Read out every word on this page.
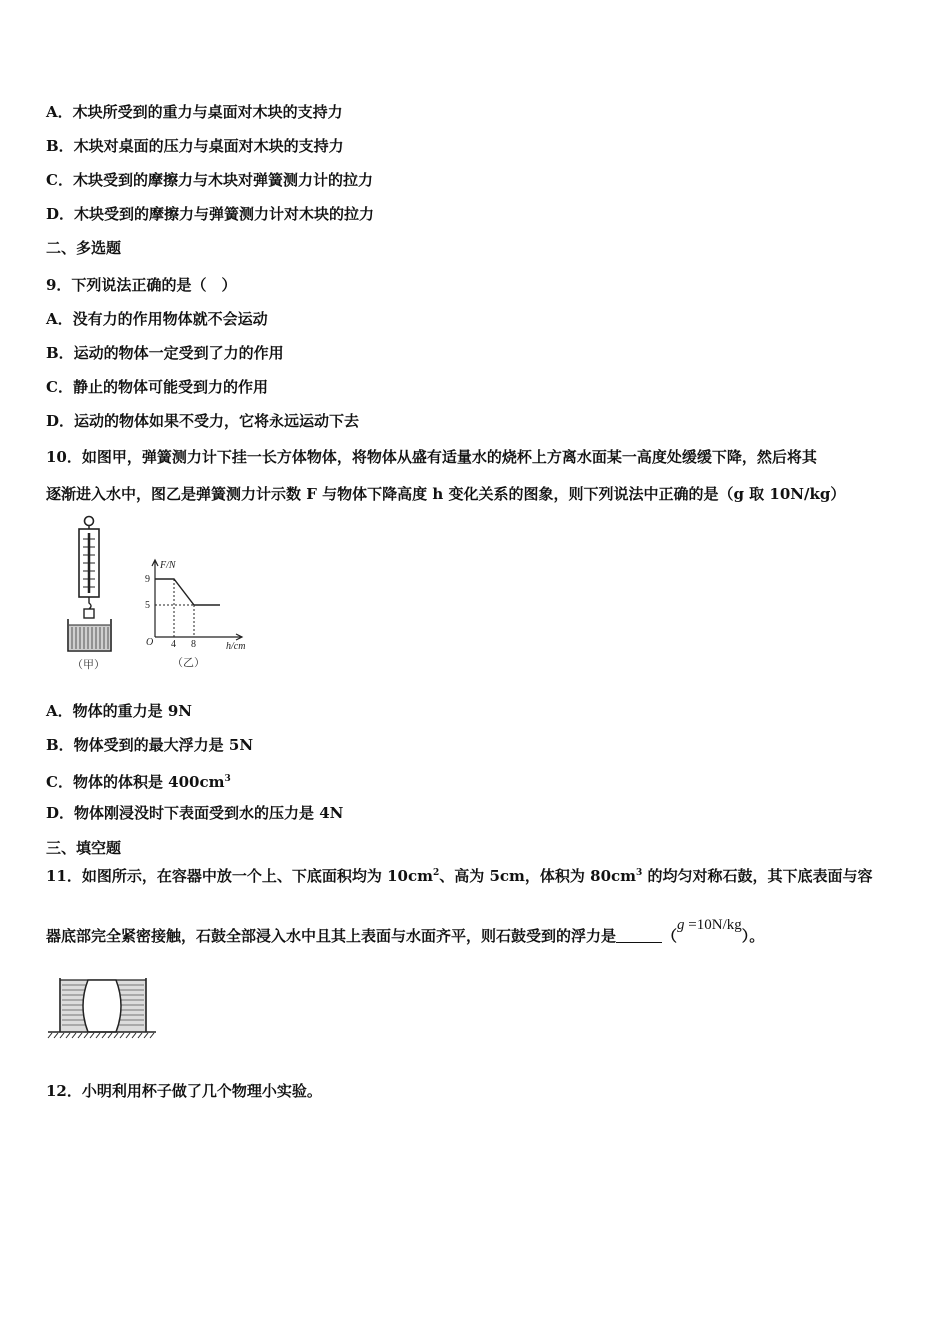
A．木块所受到的重力与桌面对木块的支持力
B．木块对桌面的压力与桌面对木块的支持力
C．木块受到的摩擦力与木块对弹簧测力计的拉力
D．木块受到的摩擦力与弹簧测力计对木块的拉力
二、多选题
9．下列说法正确的是（　）
A．没有力的作用物体就不会运动
B．运动的物体一定受到了力的作用
C．静止的物体可能受到力的作用
D．运动的物体如果不受力，它将永远运动下去
10．如图甲，弹簧测力计下挂一长方体物体，将物体从盛有适量水的烧杯上方离水面某一高度处缓缓下降，然后将其
逐渐进入水中，图乙是弹簧测力计示数 F 与物体下降高度 h 变化关系的图象，则下列说法中正确的是（g 取 10N/kg）
（甲）
F/N
h/cm
O
9
5
4 8
（乙）
A．物体的重力是 9N
B．物体受到的最大浮力是 5N
C．物体的体积是 $400cm^3$
D．物体刚浸没时下表面受到水的压力是 4N
三、填空题
11．如图所示，在容器中放一个上、下底面积均为 $10cm^2$、高为 5cm，体积为 $80cm^3$ 的均匀对称石鼓，其下底表面与容
器底部完全紧密接触，石鼓全部浸入水中且其上表面与水面齐平，则石鼓受到的浮力是	（g =10N/kg）。
12．小明利用杯子做了几个物理小实验。
